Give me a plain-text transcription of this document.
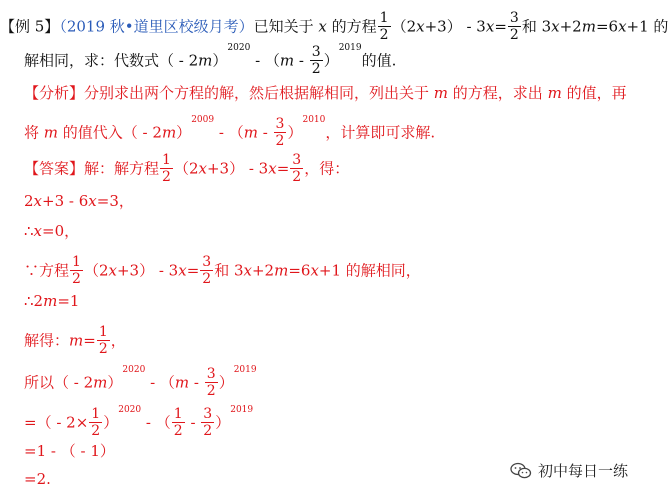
【例 5】（2019 秋•道里区校级月考）已知关于 x 的方程 $\frac{1}{2} (2x+3) - 3x= \frac{3}{2}$ 和 3x+2m=6x+1 的
解相同，求：代数式（ - $2m)^{2020} - (m - \frac{3}{2} )^{2019}$的值.
【分析】分别求出两个方程的解，然后根据解相同，列出关于 m 的方程，求出 m 的值，再
将 m 的值代入（ - $2m)^{2009} - (m - \frac{3}{2} )^{2010}$，计算即可求解.
【答案】解：解方程 $\frac{1}{2} (2x+3) - 3x= \frac{3}{2}$ ，得：
2x+3 - 6x=3，
∴x=0，
∵方程 $\frac{1}{2} (2x+3) - 3x= \frac{3}{2}$ 和 3x+2m=6x+1 的解相同，
∴2m=1
解得：$m= \frac{1}{2}$ ，
所以（ - $2m)^{2020} - (m - \frac{3}{2} )^{2019}$
=（ - $2\times \frac{1}{2} )^{2020}$ - （ $\frac{1}{2} - \frac{3}{2} )^{2019}$
=1 - （ - 1）
=2.	初中每日一练
